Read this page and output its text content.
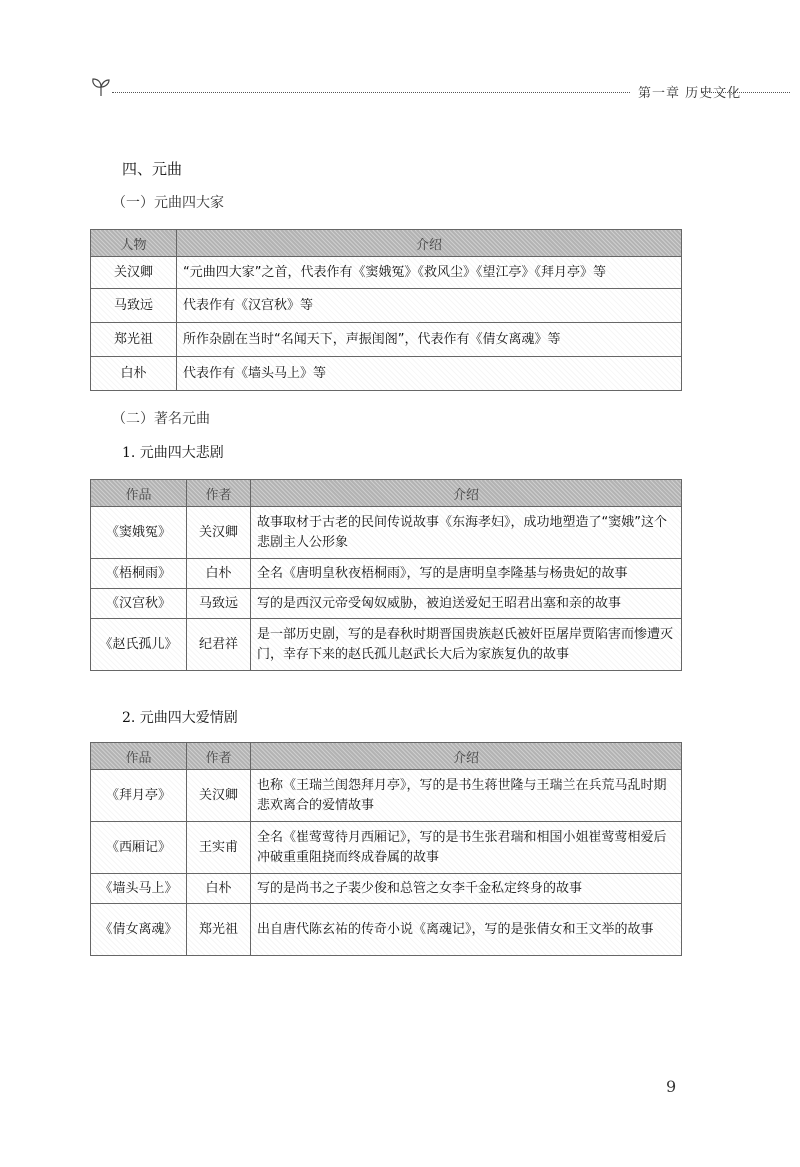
第一章 历史文化
四、元曲
（一）元曲四大家
人物	介绍
关汉卿	“元曲四大家”之首，代表作有《窦娥冤》《救风尘》《望江亭》《拜月亭》等
马致远	代表作有《汉宫秋》等
郑光祖	所作杂剧在当时“名闻天下，声振闺阁”，代表作有《倩女离魂》等
白朴	代表作有《墙头马上》等
（二）著名元曲
1. 元曲四大悲剧
作品	作者	介绍
《窦娥冤》	关汉卿	故事取材于古老的民间传说故事《东海孝妇》，成功地塑造了“窦娥”这个悲剧主人公形象
《梧桐雨》	白朴	全名《唐明皇秋夜梧桐雨》，写的是唐明皇李隆基与杨贵妃的故事
《汉宫秋》	马致远	写的是西汉元帝受匈奴威胁，被迫送爱妃王昭君出塞和亲的故事
《赵氏孤儿》	纪君祥	是一部历史剧，写的是春秋时期晋国贵族赵氏被奸臣屠岸贾陷害而惨遭灭门，幸存下来的赵氏孤儿赵武长大后为家族复仇的故事
2. 元曲四大爱情剧
作品	作者	介绍
《拜月亭》	关汉卿	也称《王瑞兰闺怨拜月亭》，写的是书生蒋世隆与王瑞兰在兵荒马乱时期悲欢离合的爱情故事
《西厢记》	王实甫	全名《崔莺莺待月西厢记》，写的是书生张君瑞和相国小姐崔莺莺相爱后冲破重重阻挠而终成眷属的故事
《墙头马上》	白朴	写的是尚书之子裴少俊和总管之女李千金私定终身的故事
《倩女离魂》	郑光祖	出自唐代陈玄祐的传奇小说《离魂记》，写的是张倩女和王文举的故事
9
